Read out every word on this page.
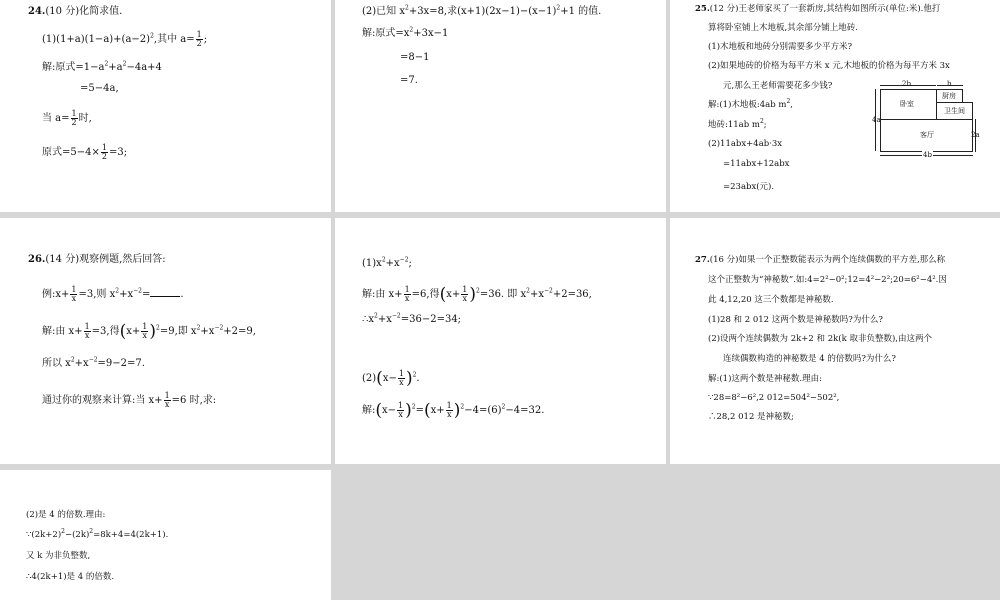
24.(10 分)化简求值.
$(1)(1+a)(1-a)+(a-2)^2$,其中 $a= \frac{1}{2}$ ;
解:原式$=1-a^2+a^2-4a+4$
=5−4a,
当 $a= \frac{1}{2}$ 时,
原式$=5-4\times \frac{1}{2} =3$;
(2)已知 $x^2+3x=8$,求$(x+1)(2x-1)-(x-1)^2+1$ 的值.
解:原式$=x^2+3x-1$
=8−1
=7.
25.(12 分)王老师家买了一套新房,其结构如图所示(单位:米).他打
算将卧室铺上木地板,其余部分铺上地砖.
(1)木地板和地砖分别需要多少平方米?
(2)如果地砖的价格为每平方米 x 元,木地板的价格为每平方米 3x
元,那么王老师需要花多少钱?
解:(1)木地板:4ab $m^2$,
地砖:11ab $m^2$;
(2)11abx+4ab·3x
=11abx+12abx
=23abx(元).
2b	b
4a
卧室
厨房
卫生间
客厅	2a
4b
26.(14 分)观察例题,然后回答:
例:x+ $\frac{1}{x} =3$,则 $x^2+x^{-2}=$	.
解:由 $x+ \frac{1}{x} =3$,得$(x+ \frac{1}{x} )^2=9$,即 $x^2+x^{-2}+2=9$,
所以 $x^2+x^{-2}=9-2=7$.
通过你的观察来计算:当 $x+ \frac{1}{x} =6$ 时,求:
$(1)x^2+x^{-2}$;
解:由 $x+ \frac{1}{x} =6$,得$(x+ \frac{1}{x} )^2=36$. 即 $x^2+x^{-2}+2=36$,
$\therefore x^2+x^{-2}=36-2=34$;
$(2)(x- \frac{1}{x} )^2$.
解:(x− $\frac{1}{x} )^2=(x+ \frac{1}{x} )^2-4=(6)^2-4=32$.
27.(16 分)如果一个正整数能表示为两个连续偶数的平方差,那么称
这个正整数为“神秘数”.如:4=2²−0²;12=4²−2²;20=6²−4².因
此 4,12,20 这三个数都是神秘数.
(1)28 和 2 012 这两个数是神秘数吗?为什么?
(2)设两个连续偶数为 2k+2 和 2k(k 取非负整数),由这两个
连续偶数构造的神秘数是 4 的倍数吗?为什么?
解:(1)这两个数是神秘数.理由:
∵28=8²−6²,2 012=504²−502²,
∴28,2 012 是神秘数;
(2)是 4 的倍数.理由:
$\because(2k+2)^2-(2k)^2=8k+4=4(2k+1)$.
又 k 为非负整数,
∴4(2k+1)是 4 的倍数.
